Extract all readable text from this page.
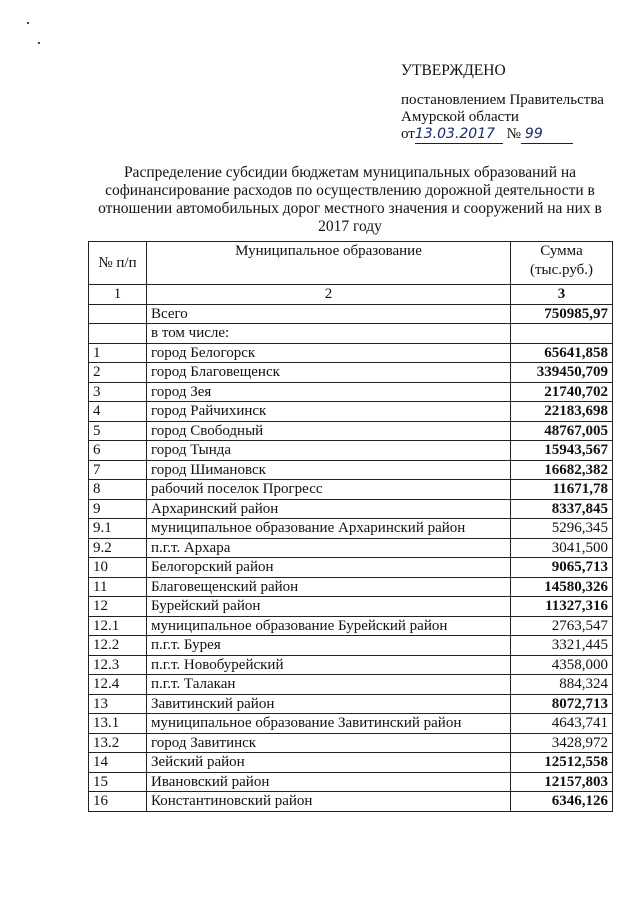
УТВЕРЖДЕНО
постановлением Правительства
Амурской области
от13.03.2017 № 99
Распределение субсидии бюджетам муниципальных образований на софинансирование расходов по осуществлению дорожной деятельности в отношении автомобильных дорог местного значения и сооружений на них в 2017 году
№ п/п	Муниципальное образование	Сумма (тыс.руб.)
1	2	3
	Всего	750985,97
	в том числе:	
1	город Белогорск	65641,858
2	город Благовещенск	339450,709
3	город Зея	21740,702
4	город Райчихинск	22183,698
5	город Свободный	48767,005
6	город Тында	15943,567
7	город Шимановск	16682,382
8	рабочий поселок Прогресс	11671,78
9	Архаринский район	8337,845
9.1	муниципальное образование Архаринский район	5296,345
9.2	п.г.т. Архара	3041,500
10	Белогорский район	9065,713
11	Благовещенский район	14580,326
12	Бурейский район	11327,316
12.1	муниципальное образование Бурейский район	2763,547
12.2	п.г.т. Бурея	3321,445
12.3	п.г.т. Новобурейский	4358,000
12.4	п.г.т. Талакан	884,324
13	Завитинский район	8072,713
13.1	муниципальное образование Завитинский район	4643,741
13.2	город Завитинск	3428,972
14	Зейский район	12512,558
15	Ивановский район	12157,803
16	Константиновский район	6346,126
